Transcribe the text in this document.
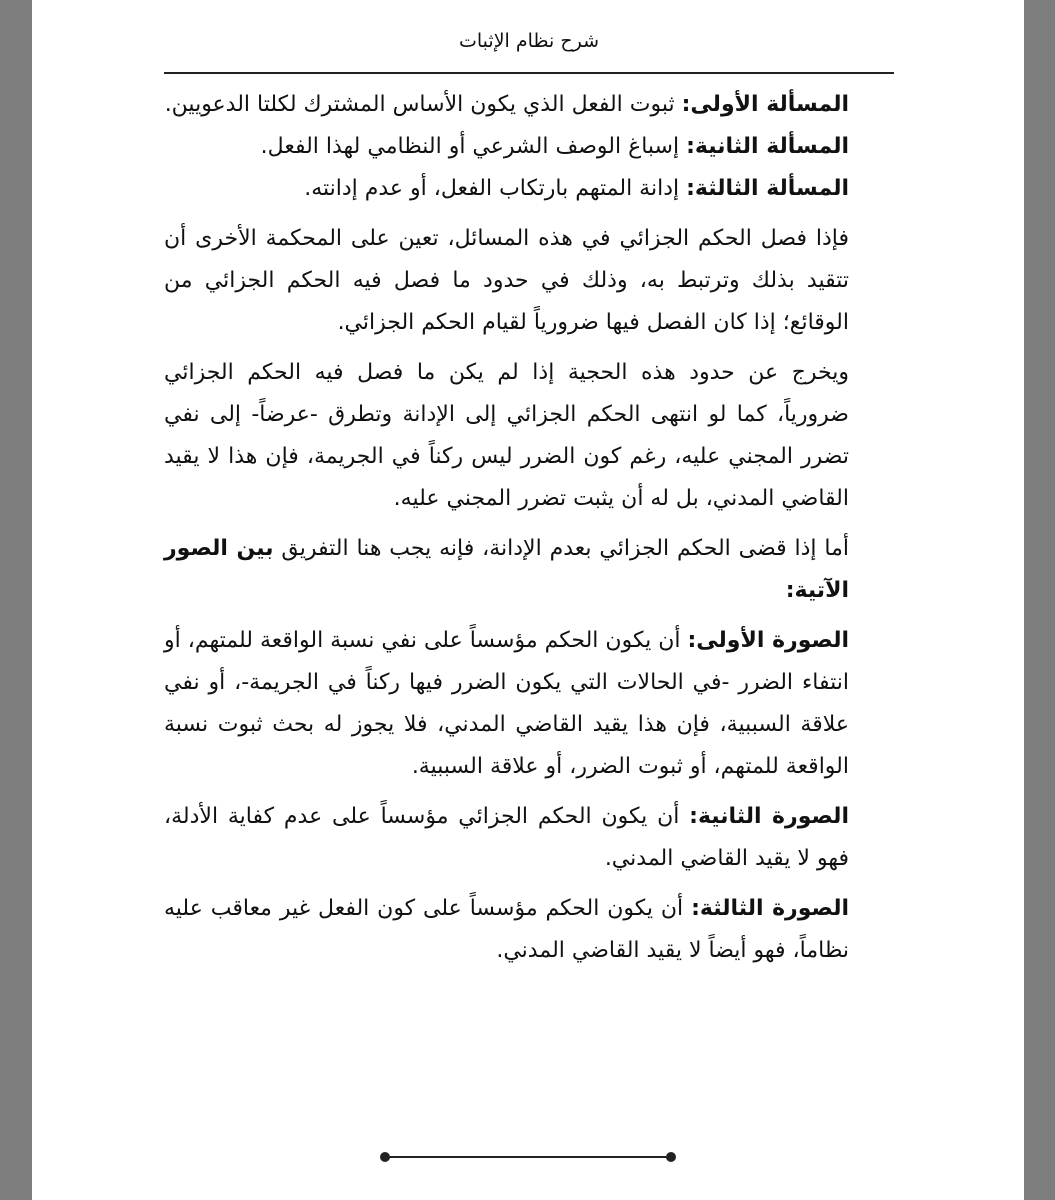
شرح نظام الإثبات

المسألة الأولى: ثبوت الفعل الذي يكون الأساس المشترك لكلتا الدعويين.

المسألة الثانية: إسباغ الوصف الشرعي أو النظامي لهذا الفعل.

المسألة الثالثة: إدانة المتهم بارتكاب الفعل، أو عدم إدانته.

فإذا فصل الحكم الجزائي في هذه المسائل، تعين على المحكمة الأخرى أن تتقيد بذلك وترتبط به، وذلك في حدود ما فصل فيه الحكم الجزائي من الوقائع؛ إذا كان الفصل فيها ضرورياً لقيام الحكم الجزائي.

ويخرج عن حدود هذه الحجية إذا لم يكن ما فصل فيه الحكم الجزائي ضرورياً، كما لو انتهى الحكم الجزائي إلى الإدانة وتطرق -عرضاً- إلى نفي تضرر المجني عليه، رغم كون الضرر ليس ركناً في الجريمة، فإن هذا لا يقيد القاضي المدني، بل له أن يثبت تضرر المجني عليه.

أما إذا قضى الحكم الجزائي بعدم الإدانة، فإنه يجب هنا التفريق بين الصور الآتية:

الصورة الأولى: أن يكون الحكم مؤسساً على نفي نسبة الواقعة للمتهم، أو انتفاء الضرر -في الحالات التي يكون الضرر فيها ركناً في الجريمة-، أو نفي علاقة السببية، فإن هذا يقيد القاضي المدني، فلا يجوز له بحث ثبوت نسبة الواقعة للمتهم، أو ثبوت الضرر، أو علاقة السببية.

الصورة الثانية: أن يكون الحكم الجزائي مؤسساً على عدم كفاية الأدلة، فهو لا يقيد القاضي المدني.

الصورة الثالثة: أن يكون الحكم مؤسساً على كون الفعل غير معاقب عليه نظاماً، فهو أيضاً لا يقيد القاضي المدني.
